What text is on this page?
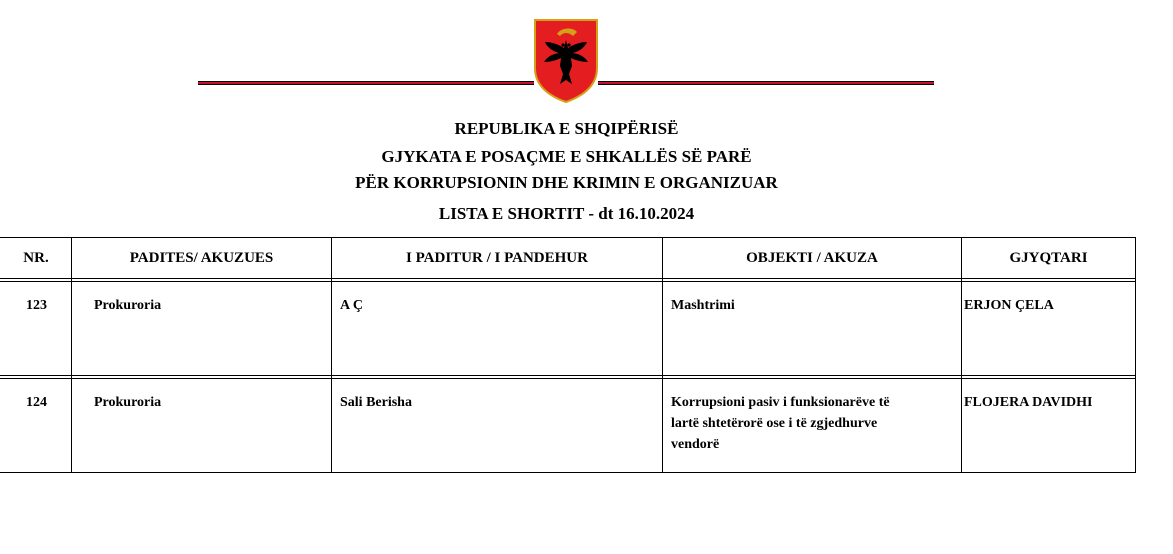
REPUBLIKA E SHQIPËRISË
GJYKATA E POSAÇME E SHKALLËS SË PARË
PËR KORRUPSIONIN DHE KRIMIN E ORGANIZUAR
LISTA E SHORTIT - dt 16.10.2024
NR.	PADITES/ AKUZUES	I PADITUR / I PANDEHUR	OBJEKTI / AKUZA	GJYQTARI

123	Prokuroria	A Ç	Mashtrimi	ERJON ÇELA

124	Prokuroria	Sali Berisha	Korrupsioni pasiv i funksionarëve të lartë shtetërorë ose i të zgjedhurve vendorë	FLOJERA DAVIDHI
